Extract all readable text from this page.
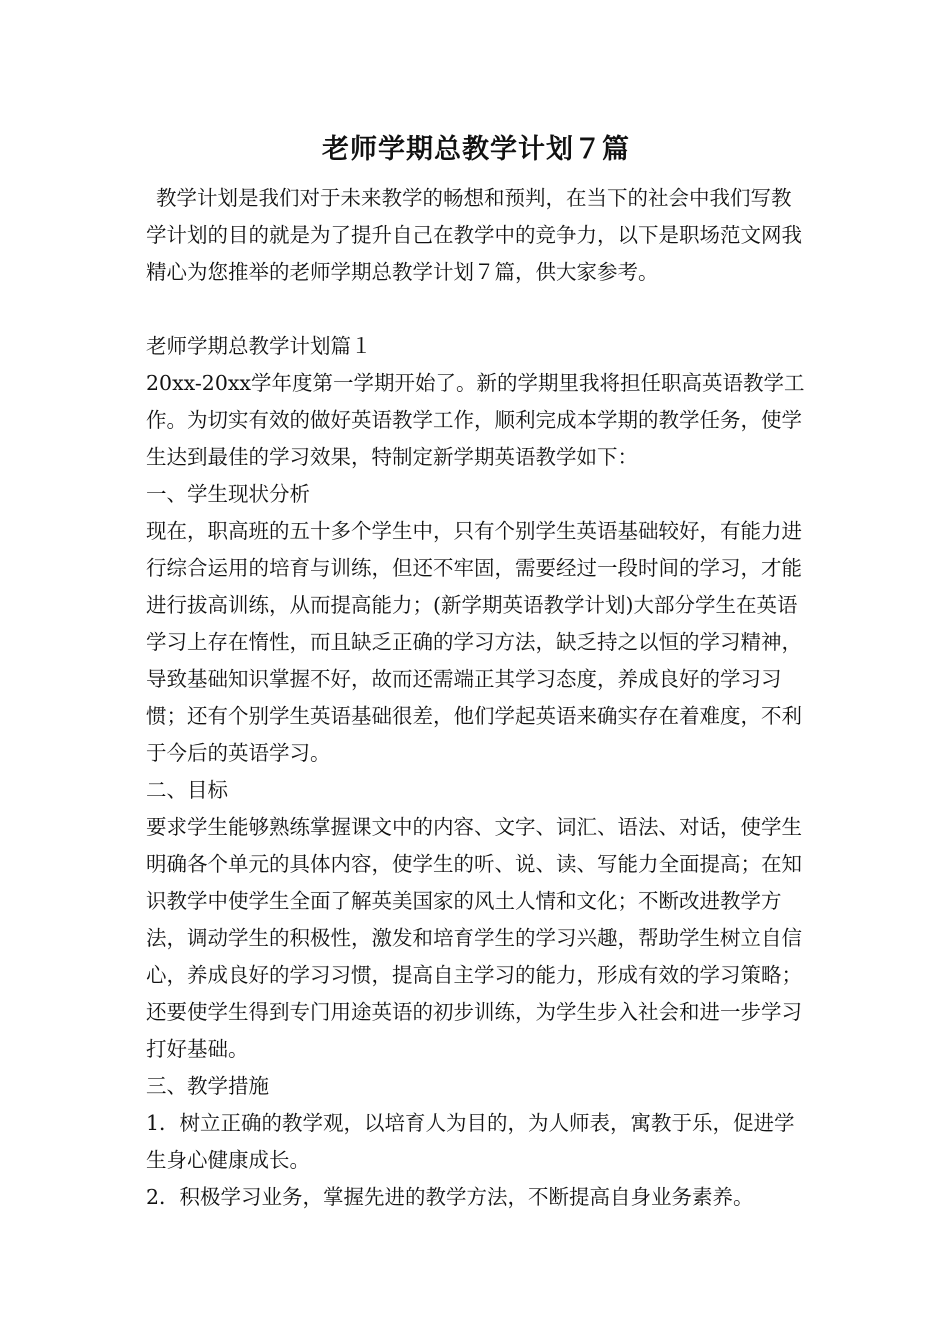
老师学期总教学计划７篇

教学计划是我们对于未来教学的畅想和预判，在当下的社会中我们写教学计划的目的就是为了提升自己在教学中的竞争力，以下是职场范文网我精心为您推举的老师学期总教学计划７篇，供大家参考。

老师学期总教学计划篇１

20xx-20xx学年度第一学期开始了。新的学期里我将担任职高英语教学工作。为切实有效的做好英语教学工作，顺利完成本学期的教学任务，使学生达到最佳的学习效果，特制定新学期英语教学如下：

一、学生现状分析

现在，职高班的五十多个学生中，只有个别学生英语基础较好，有能力进行综合运用的培育与训练，但还不牢固，需要经过一段时间的学习，才能进行拔高训练，从而提高能力；(新学期英语教学计划)大部分学生在英语学习上存在惰性，而且缺乏正确的学习方法，缺乏持之以恒的学习精神，导致基础知识掌握不好，故而还需端正其学习态度，养成良好的学习习惯；还有个别学生英语基础很差，他们学起英语来确实存在着难度，不利于今后的英语学习。

二、目标

要求学生能够熟练掌握课文中的内容、文字、词汇、语法、对话，使学生明确各个单元的具体内容，使学生的听、说、读、写能力全面提高；在知识教学中使学生全面了解英美国家的风土人情和文化；不断改进教学方法，调动学生的积极性，激发和培育学生的学习兴趣，帮助学生树立自信心，养成良好的学习习惯，提高自主学习的能力，形成有效的学习策略；还要使学生得到专门用途英语的初步训练，为学生步入社会和进一步学习打好基础。

三、教学措施

1．树立正确的教学观，以培育人为目的，为人师表，寓教于乐，促进学生身心健康成长。

2．积极学习业务，掌握先进的教学方法，不断提高自身业务素养。
